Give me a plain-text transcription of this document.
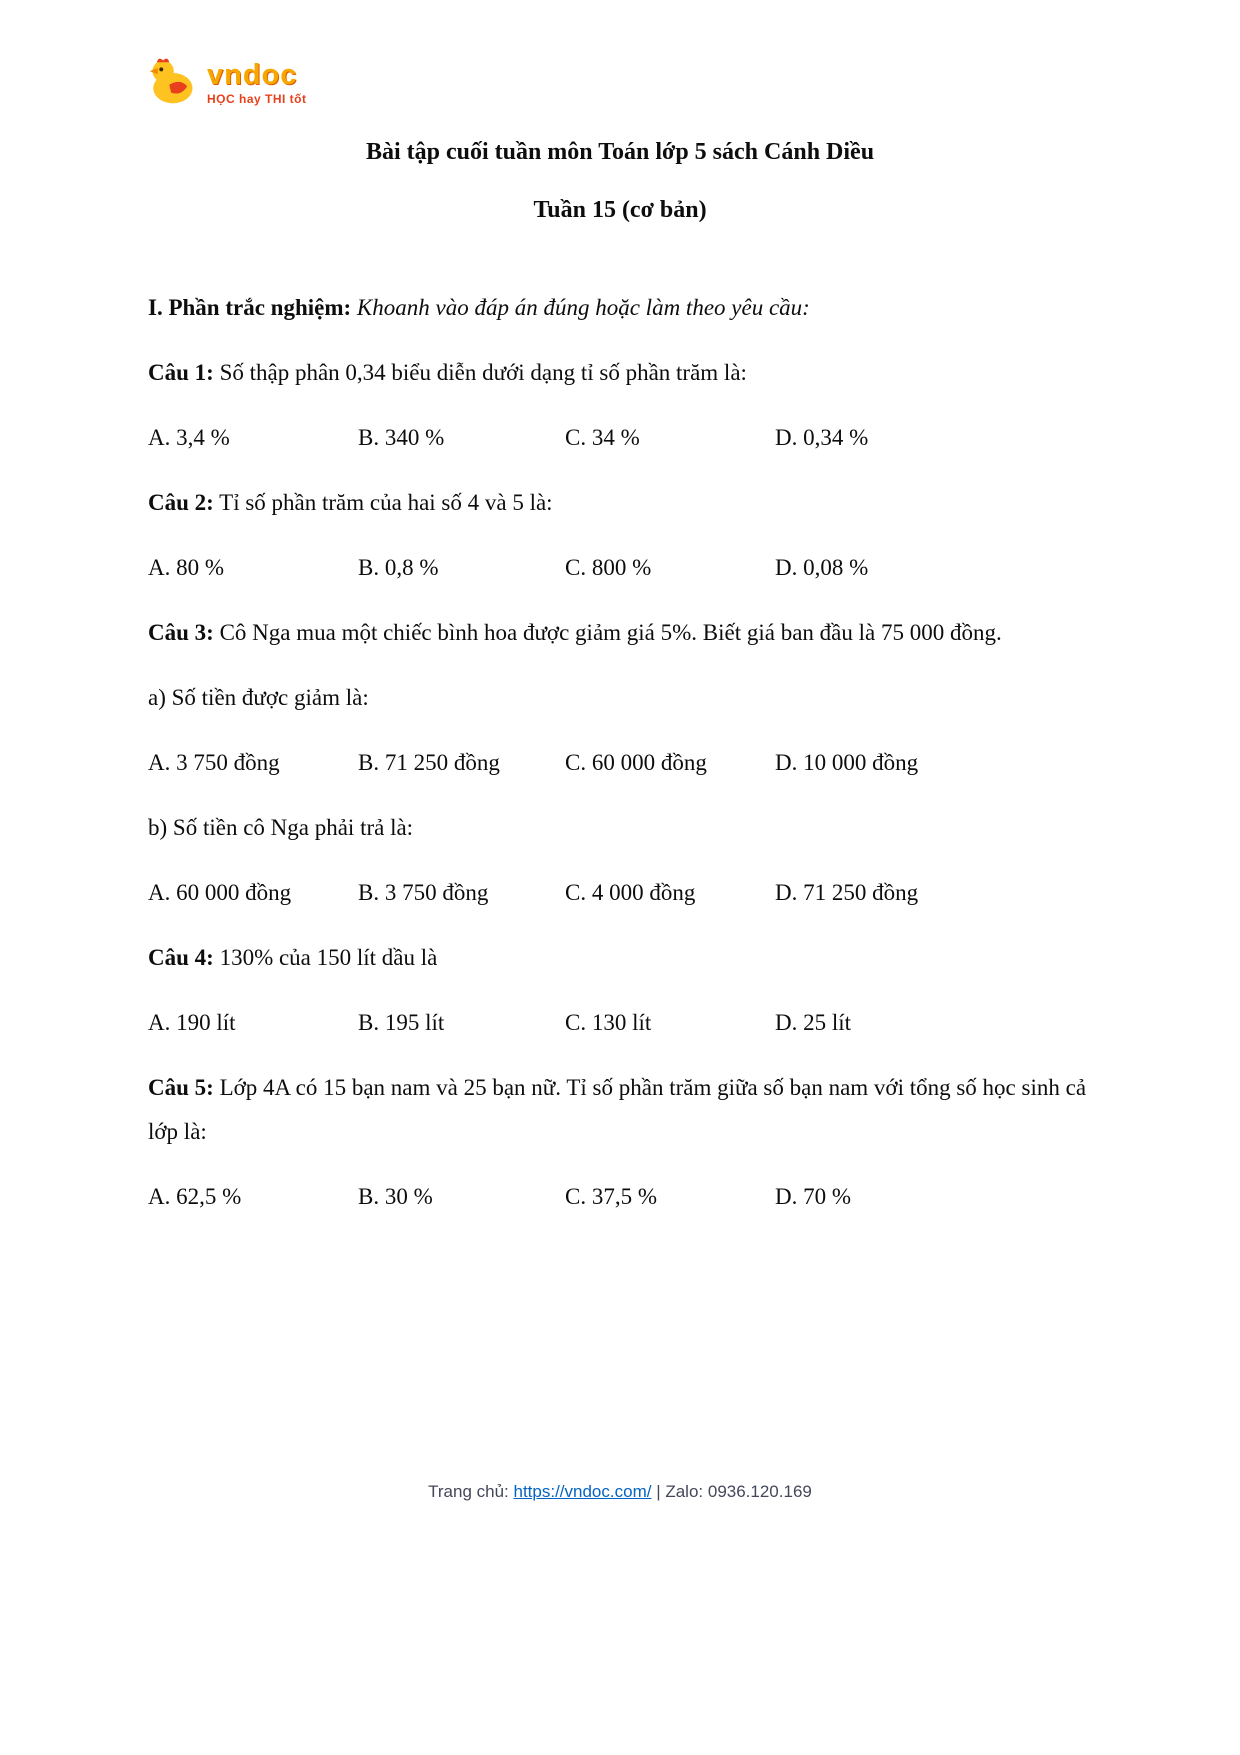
vndoc
HỌC hay THI tốt
Bài tập cuối tuần môn Toán lớp 5 sách Cánh Diều
Tuần 15 (cơ bản)

I. Phần trắc nghiệm: Khoanh vào đáp án đúng hoặc làm theo yêu cầu:

Câu 1: Số thập phân 0,34 biểu diễn dưới dạng tỉ số phần trăm là:

A. 3,4 %	B. 340 %	C. 34 %	D. 0,34 %

Câu 2: Tỉ số phần trăm của hai số 4 và 5 là:

A. 80 %	B. 0,8 %	C. 800 %	D. 0,08 %

Câu 3: Cô Nga mua một chiếc bình hoa được giảm giá 5%. Biết giá ban đầu là 75 000 đồng.

a) Số tiền được giảm là:

A. 3 750 đồng	B. 71 250 đồng	C. 60 000 đồng	D. 10 000 đồng

b) Số tiền cô Nga phải trả là:

A. 60 000 đồng	B. 3 750 đồng	C. 4 000 đồng	D. 71 250 đồng

Câu 4: 130% của 150 lít dầu là

A. 190 lít	B. 195 lít	C. 130 lít	D. 25 lít

Câu 5: Lớp 4A có 15 bạn nam và 25 bạn nữ. Tỉ số phần trăm giữa số bạn nam với tổng số học sinh cả lớp là:

A. 62,5 %	B. 30 %	C. 37,5 %	D. 70 %
Trang chủ: https://vndoc.com/ | Zalo: 0936.120.169
